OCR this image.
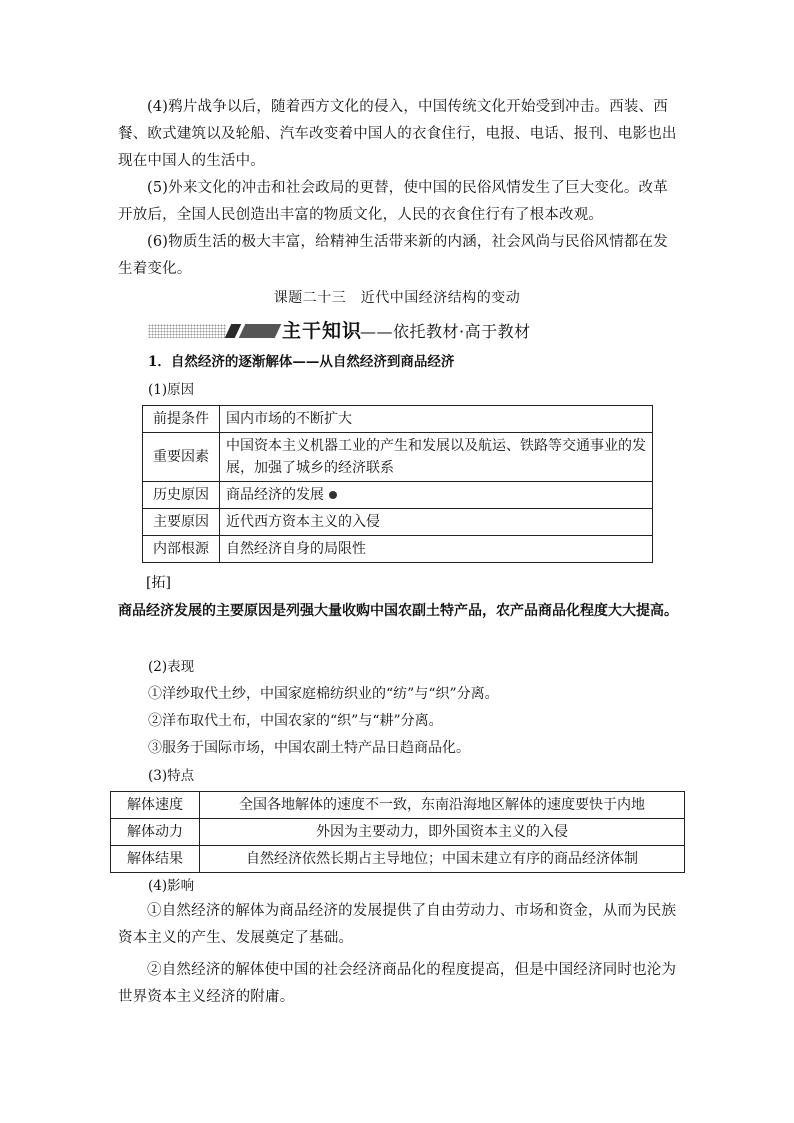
(4)鸦片战争以后，随着西方文化的侵入，中国传统文化开始受到冲击。西装、西餐、欧式建筑以及轮船、汽车改变着中国人的衣食住行，电报、电话、报刊、电影也出现在中国人的生活中。

(5)外来文化的冲击和社会政局的更替，使中国的民俗风情发生了巨大变化。改革开放后，全国人民创造出丰富的物质文化，人民的衣食住行有了根本改观。

(6)物质生活的极大丰富，给精神生活带来新的内涵，社会风尚与民俗风情都在发生着变化。

课题二十三　近代中国经济结构的变动
主干知识
——依托教材·高于教材

1．自然经济的逐渐解体——从自然经济到商品经济

(1)原因

前提条件	国内市场的不断扩大
重要因素	中国资本主义机器工业的产生和发展以及航运、铁路等交通事业的发展，加强了城乡的经济联系
历史原因	商品经济的发展
主要原因	近代西方资本主义的入侵
内部根源	自然经济自身的局限性
[拓]

商品经济发展的主要原因是列强大量收购中国农副土特产品，农产品商品化程度大大提高。

(2)表现

①洋纱取代土纱，中国家庭棉纺织业的“纺”与“织”分离。

②洋布取代土布，中国农家的“织”与“耕”分离。

③服务于国际市场，中国农副土特产品日趋商品化。

(3)特点

解体速度	全国各地解体的速度不一致，东南沿海地区解体的速度要快于内地
解体动力	外因为主要动力，即外国资本主义的入侵
解体结果	自然经济依然长期占主导地位；中国未建立有序的商品经济体制

(4)影响

①自然经济的解体为商品经济的发展提供了自由劳动力、市场和资金，从而为民族资本主义的产生、发展奠定了基础。

②自然经济的解体使中国的社会经济商品化的程度提高，但是中国经济同时也沦为世界资本主义经济的附庸。
